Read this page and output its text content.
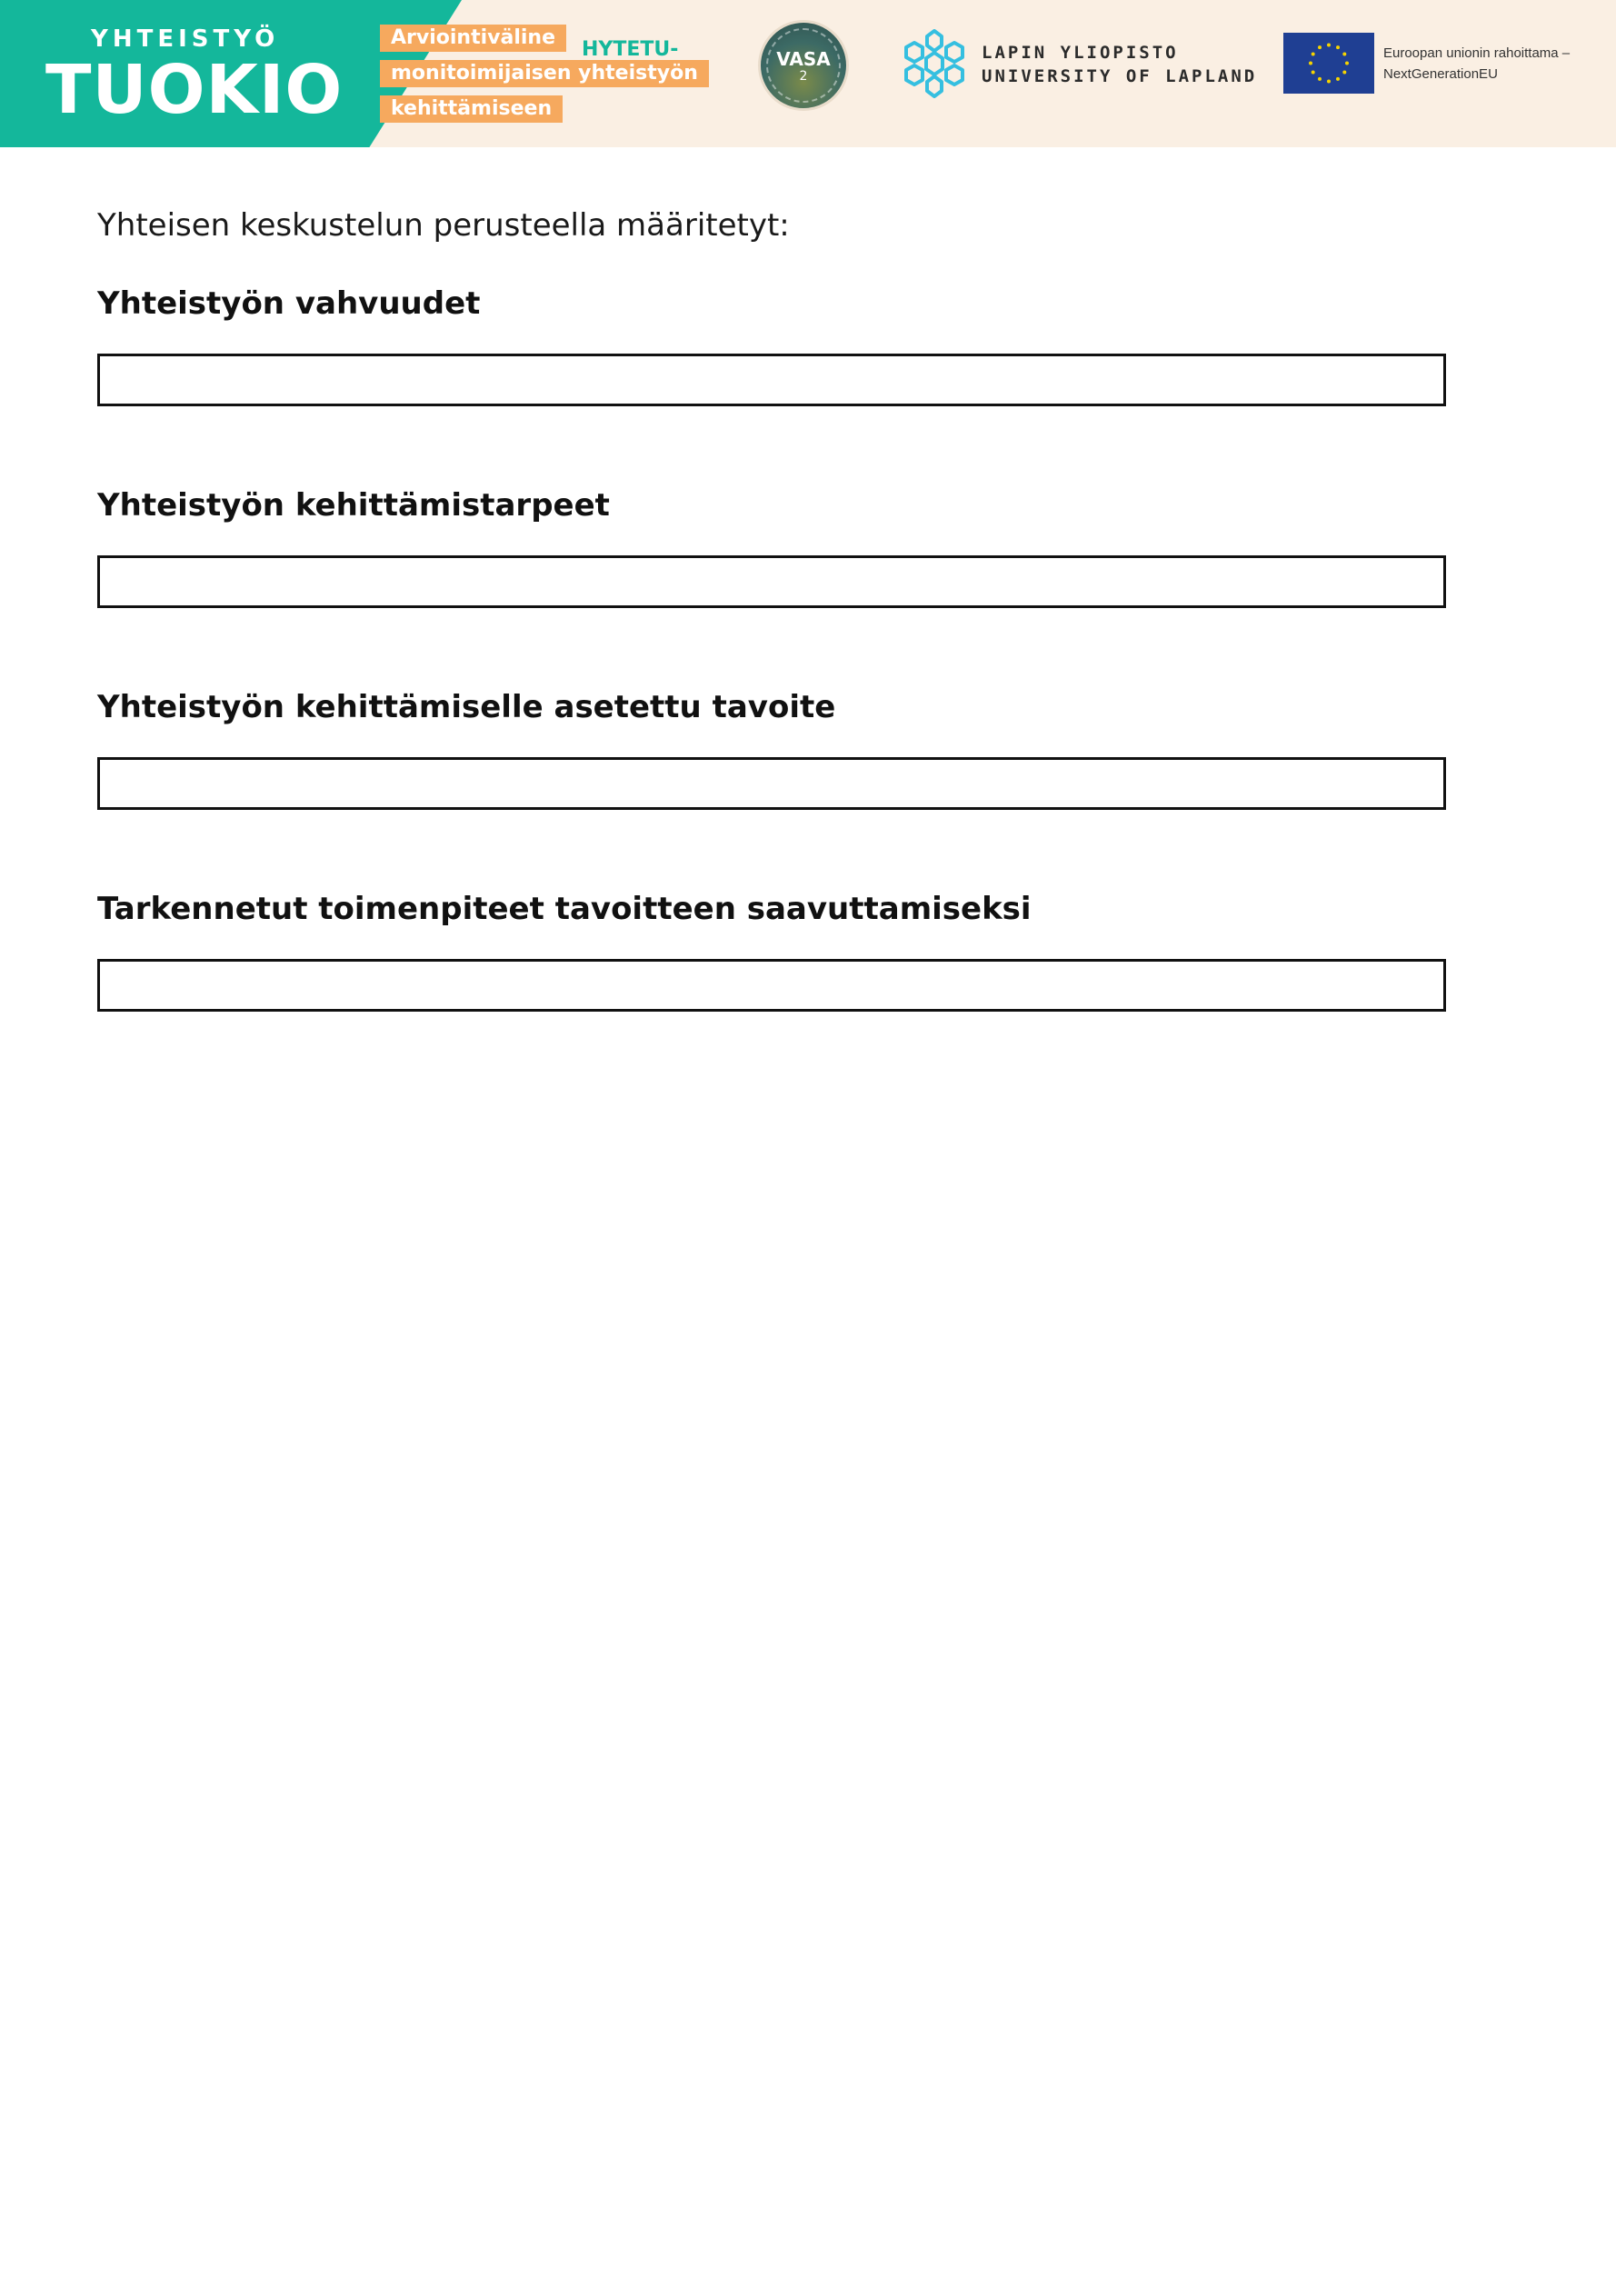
YHTEISTYÖ
TUOKIO
Arviointiväline
monitoimijaisen yhteistyön
kehittämiseen
HYTETU-	VASA
2
LAPIN YLIOPISTO
UNIVERSITY OF LAPLAND
Euroopan unionin rahoittama –
NextGenerationEU
Yhteisen keskustelun perusteella määritetyt:
Yhteistyön vahvuudet
Yhteistyön kehittämistarpeet
Yhteistyön kehittämiselle asetettu tavoite
Tarkennetut toimenpiteet tavoitteen saavuttamiseksi
